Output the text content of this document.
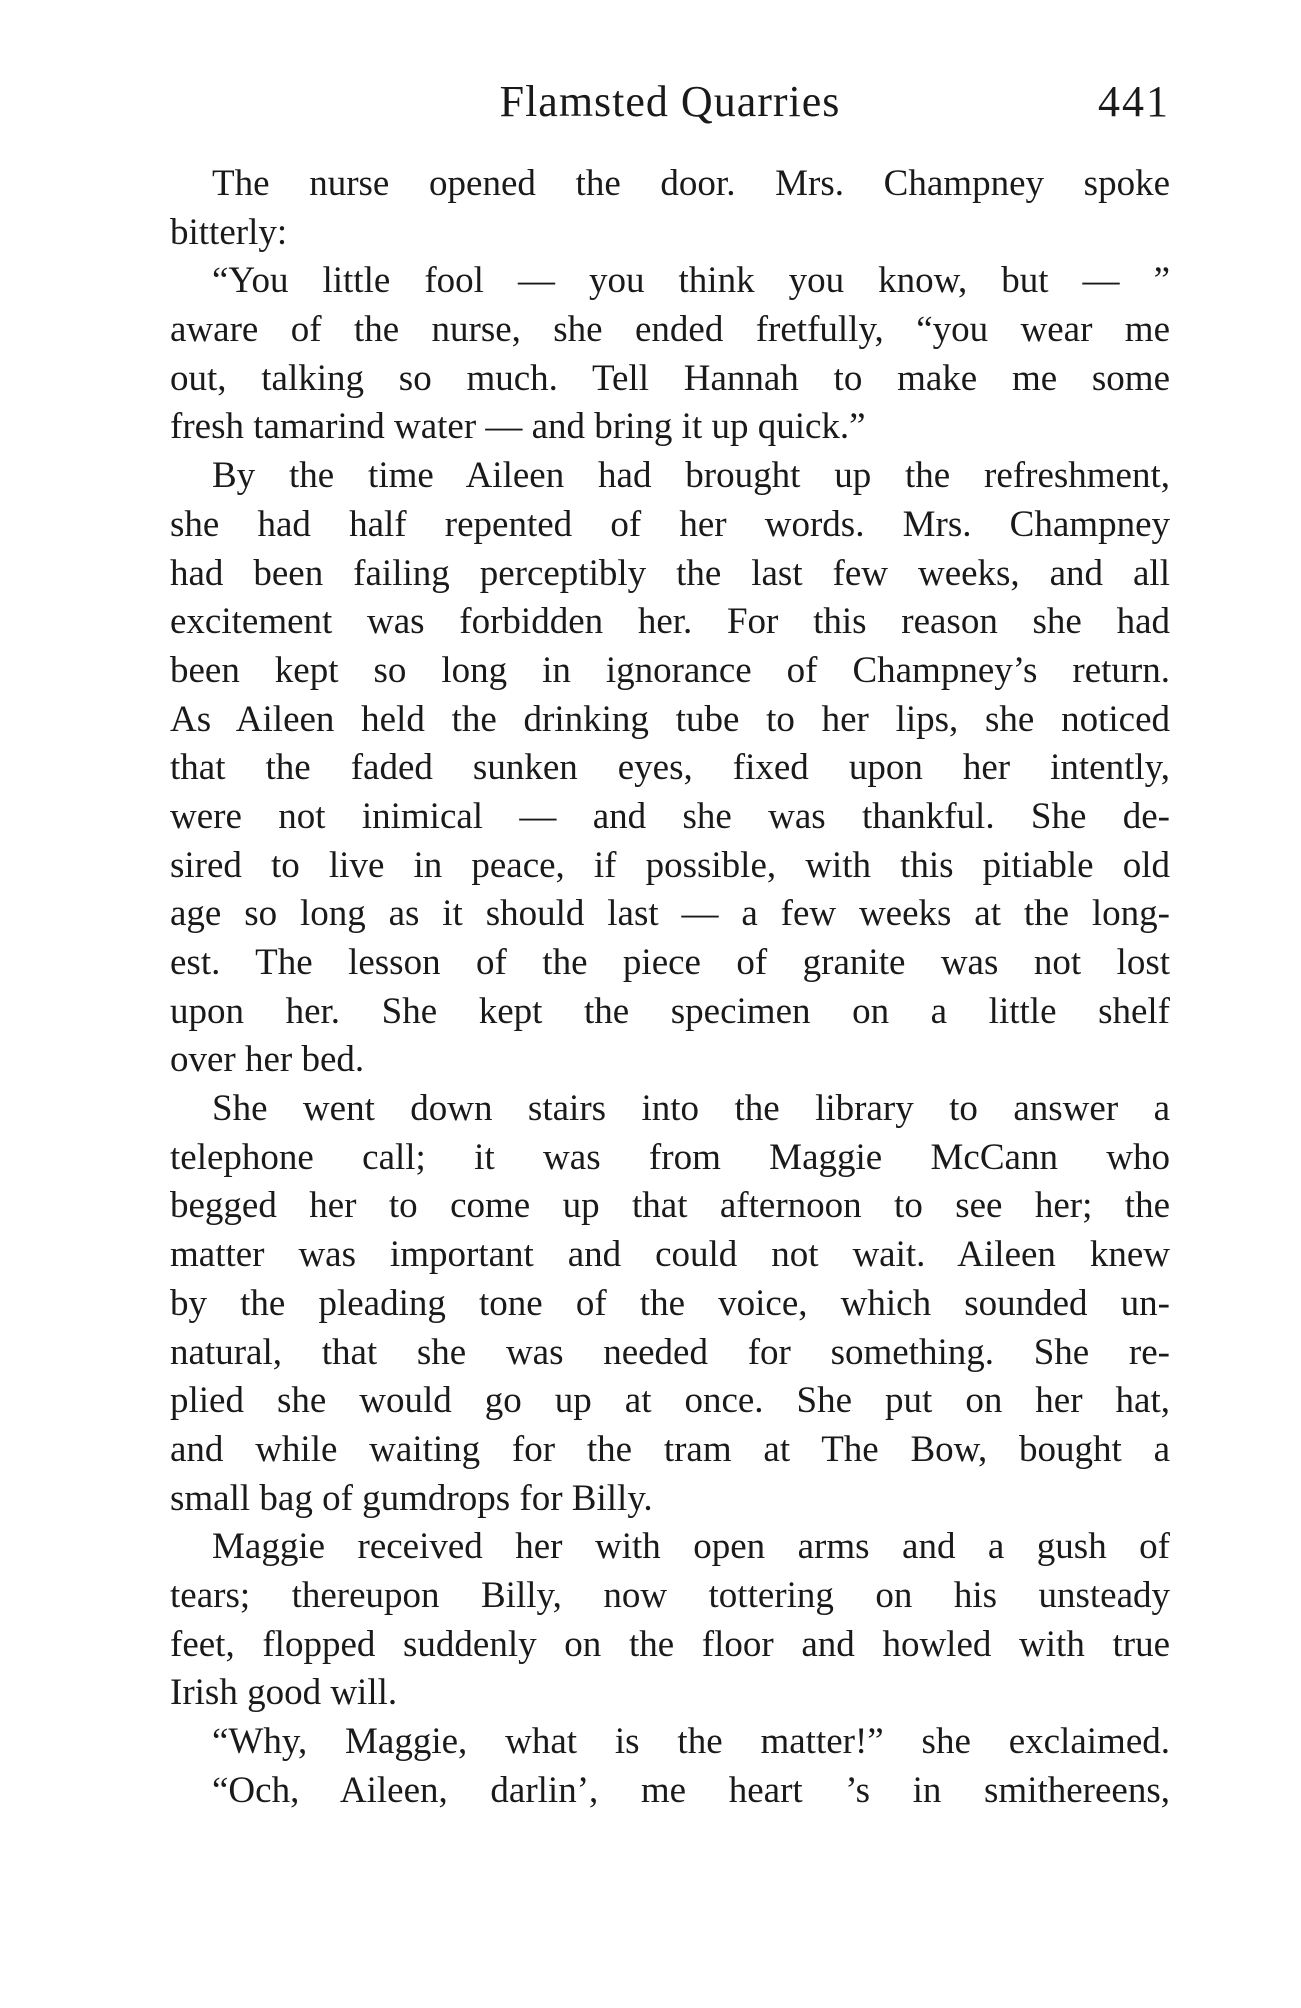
Flamsted Quarries	441
The nurse opened the door. Mrs. Champney spoke
bitterly:
“You little fool — you think you know, but — ”
aware of the nurse, she ended fretfully, “you wear me
out, talking so much. Tell Hannah to make me some
fresh tamarind water — and bring it up quick.”
By the time Aileen had brought up the refreshment,
she had half repented of her words. Mrs. Champney
had been failing perceptibly the last few weeks, and all
excitement was forbidden her. For this reason she had
been kept so long in ignorance of Champney’s return.
As Aileen held the drinking tube to her lips, she noticed
that the faded sunken eyes, fixed upon her intently,
were not inimical — and she was thankful. She de-
sired to live in peace, if possible, with this pitiable old
age so long as it should last — a few weeks at the long-
est. The lesson of the piece of granite was not lost
upon her. She kept the specimen on a little shelf
over her bed.
She went down stairs into the library to answer a
telephone call; it was from Maggie McCann who
begged her to come up that afternoon to see her; the
matter was important and could not wait. Aileen knew
by the pleading tone of the voice, which sounded un-
natural, that she was needed for something. She re-
plied she would go up at once. She put on her hat,
and while waiting for the tram at The Bow, bought a
small bag of gumdrops for Billy.
Maggie received her with open arms and a gush of
tears; thereupon Billy, now tottering on his unsteady
feet, flopped suddenly on the floor and howled with true
Irish good will.
“Why, Maggie, what is the matter!” she exclaimed.
“Och, Aileen, darlin’, me heart ’s in smithereens,
